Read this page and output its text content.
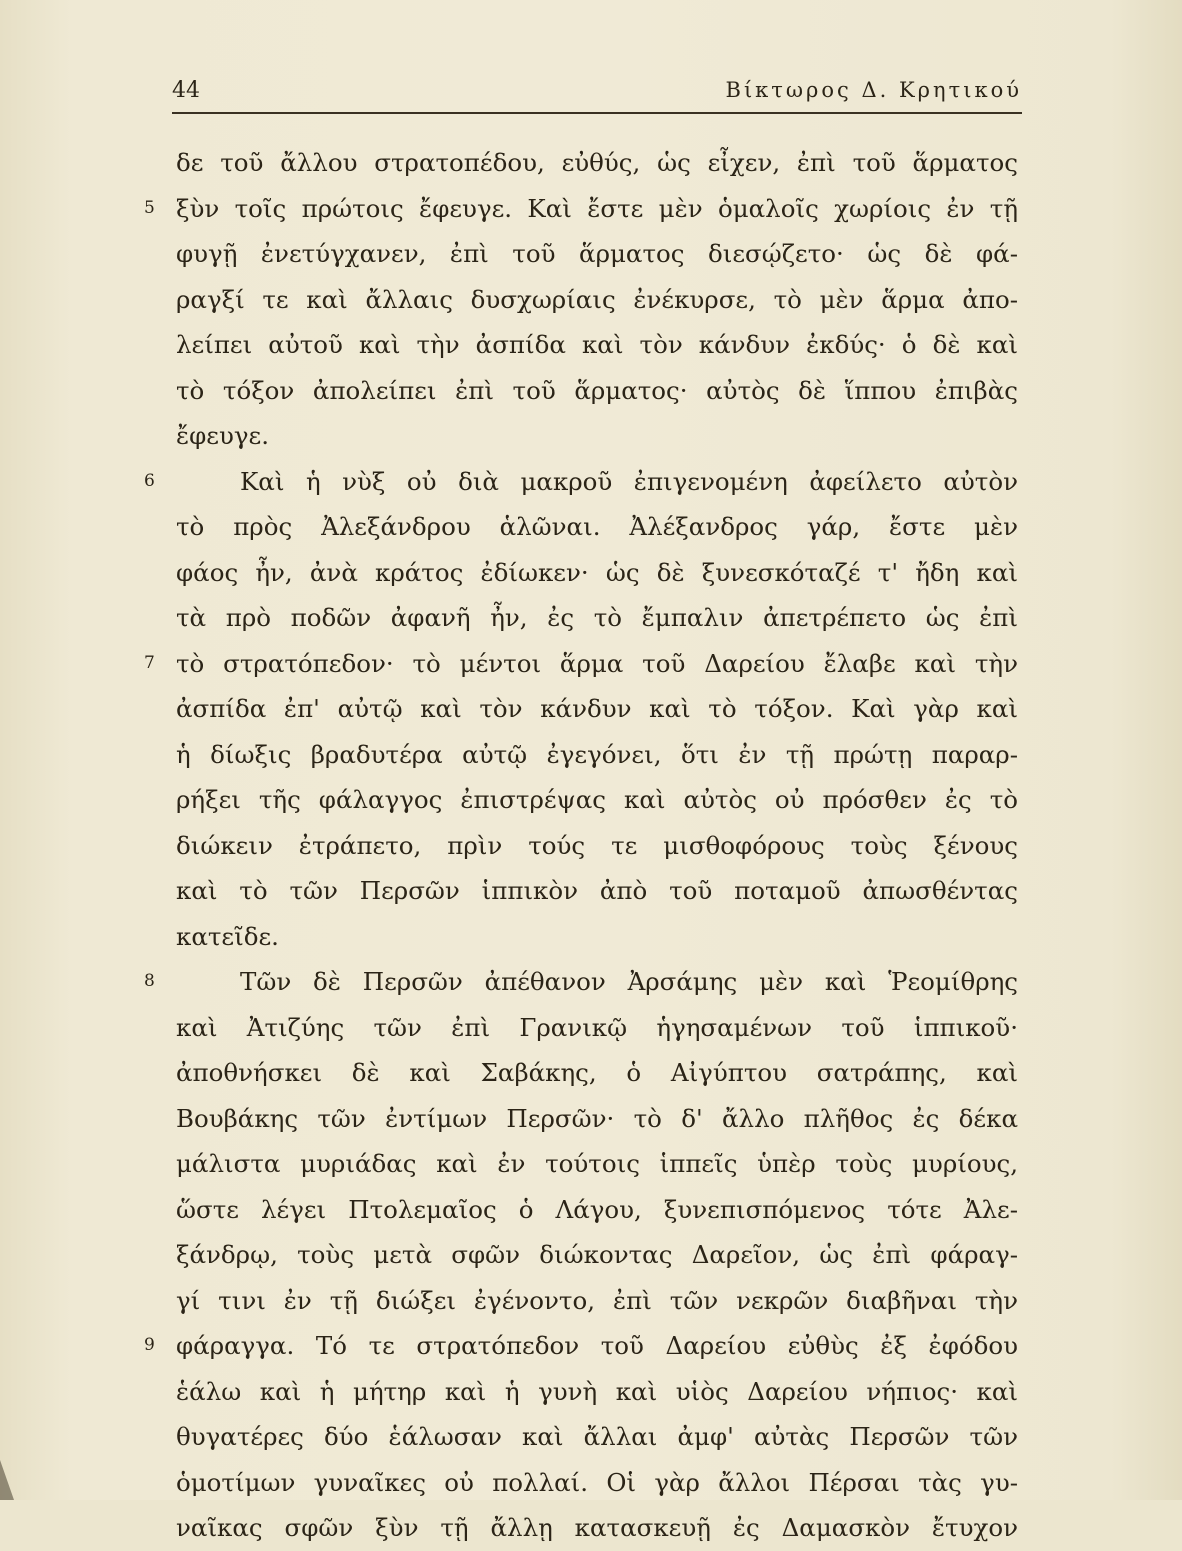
44	Βίκτωρος Δ. Κρητικού
δε τοῦ ἄλλου στρατοπέδου, εὐθύς, ὡς εἶχεν, ἐπὶ τοῦ ἅρματος
5 ξὺν τοῖς πρώτοις ἔφευγε. Καὶ ἔστε μὲν ὁμαλοῖς χωρίοις ἐν τῇ
φυγῇ ἐνετύγχανεν, ἐπὶ τοῦ ἅρματος διεσῴζετο· ὡς δὲ φά-
ραγξί τε καὶ ἄλλαις δυσχωρίαις ἐνέκυρσε, τὸ μὲν ἅρμα ἀπο-
λείπει αὐτοῦ καὶ τὴν ἀσπίδα καὶ τὸν κάνδυν ἐκδύς· ὁ δὲ καὶ
τὸ τόξον ἀπολείπει ἐπὶ τοῦ ἅρματος· αὐτὸς δὲ ἵππου ἐπιβὰς
ἔφευγε.
6	Καὶ ἡ νὺξ οὐ διὰ μακροῦ ἐπιγενομένη ἀφείλετο αὐτὸν
τὸ πρὸς Ἀλεξάνδρου ἁλῶναι. Ἀλέξανδρος γάρ, ἔστε μὲν
φάος ἦν, ἀνὰ κράτος ἐδίωκεν· ὡς δὲ ξυνεσκόταζέ τ' ἤδη καὶ
τὰ πρὸ ποδῶν ἀφανῆ ἦν, ἐς τὸ ἔμπαλιν ἀπετρέπετο ὡς ἐπὶ
7 τὸ στρατόπεδον· τὸ μέντοι ἅρμα τοῦ Δαρείου ἔλαβε καὶ τὴν
ἀσπίδα ἐπ' αὐτῷ καὶ τὸν κάνδυν καὶ τὸ τόξον. Καὶ γὰρ καὶ
ἡ δίωξις βραδυτέρα αὐτῷ ἐγεγόνει, ὅτι ἐν τῇ πρώτῃ παραρ-
ρήξει τῆς φάλαγγος ἐπιστρέψας καὶ αὐτὸς οὐ πρόσθεν ἐς τὸ
διώκειν ἐτράπετο, πρὶν τούς τε μισθοφόρους τοὺς ξένους
καὶ τὸ τῶν Περσῶν ἱππικὸν ἀπὸ τοῦ ποταμοῦ ἀπωσθέντας
κατεῖδε.
8	Τῶν δὲ Περσῶν ἀπέθανον Ἀρσάμης μὲν καὶ Ῥεομίθρης
καὶ Ἀτιζύης τῶν ἐπὶ Γρανικῷ ἡγησαμένων τοῦ ἱππικοῦ·
ἀποθνήσκει δὲ καὶ Σαβάκης, ὁ Αἰγύπτου σατράπης, καὶ
Βουβάκης τῶν ἐντίμων Περσῶν· τὸ δ' ἄλλο πλῆθος ἐς δέκα
μάλιστα μυριάδας καὶ ἐν τούτοις ἱππεῖς ὑπὲρ τοὺς μυρίους,
ὥστε λέγει Πτολεμαῖος ὁ Λάγου, ξυνεπισπόμενος τότε Ἀλε-
ξάνδρῳ, τοὺς μετὰ σφῶν διώκοντας Δαρεῖον, ὡς ἐπὶ φάραγ-
γί τινι ἐν τῇ διώξει ἐγένοντο, ἐπὶ τῶν νεκρῶν διαβῆναι τὴν
9 φάραγγα. Τό τε στρατόπεδον τοῦ Δαρείου εὐθὺς ἐξ ἐφόδου
ἑάλω καὶ ἡ μήτηρ καὶ ἡ γυνὴ καὶ υἱὸς Δαρείου νήπιος· καὶ
θυγατέρες δύο ἑάλωσαν καὶ ἄλλαι ἀμφ' αὐτὰς Περσῶν τῶν
ὁμοτίμων γυναῖκες οὐ πολλαί. Οἱ γὰρ ἄλλοι Πέρσαι τὰς γυ-
ναῖκας σφῶν ξὺν τῇ ἄλλῃ κατασκευῇ ἐς Δαμασκὸν ἔτυχον
